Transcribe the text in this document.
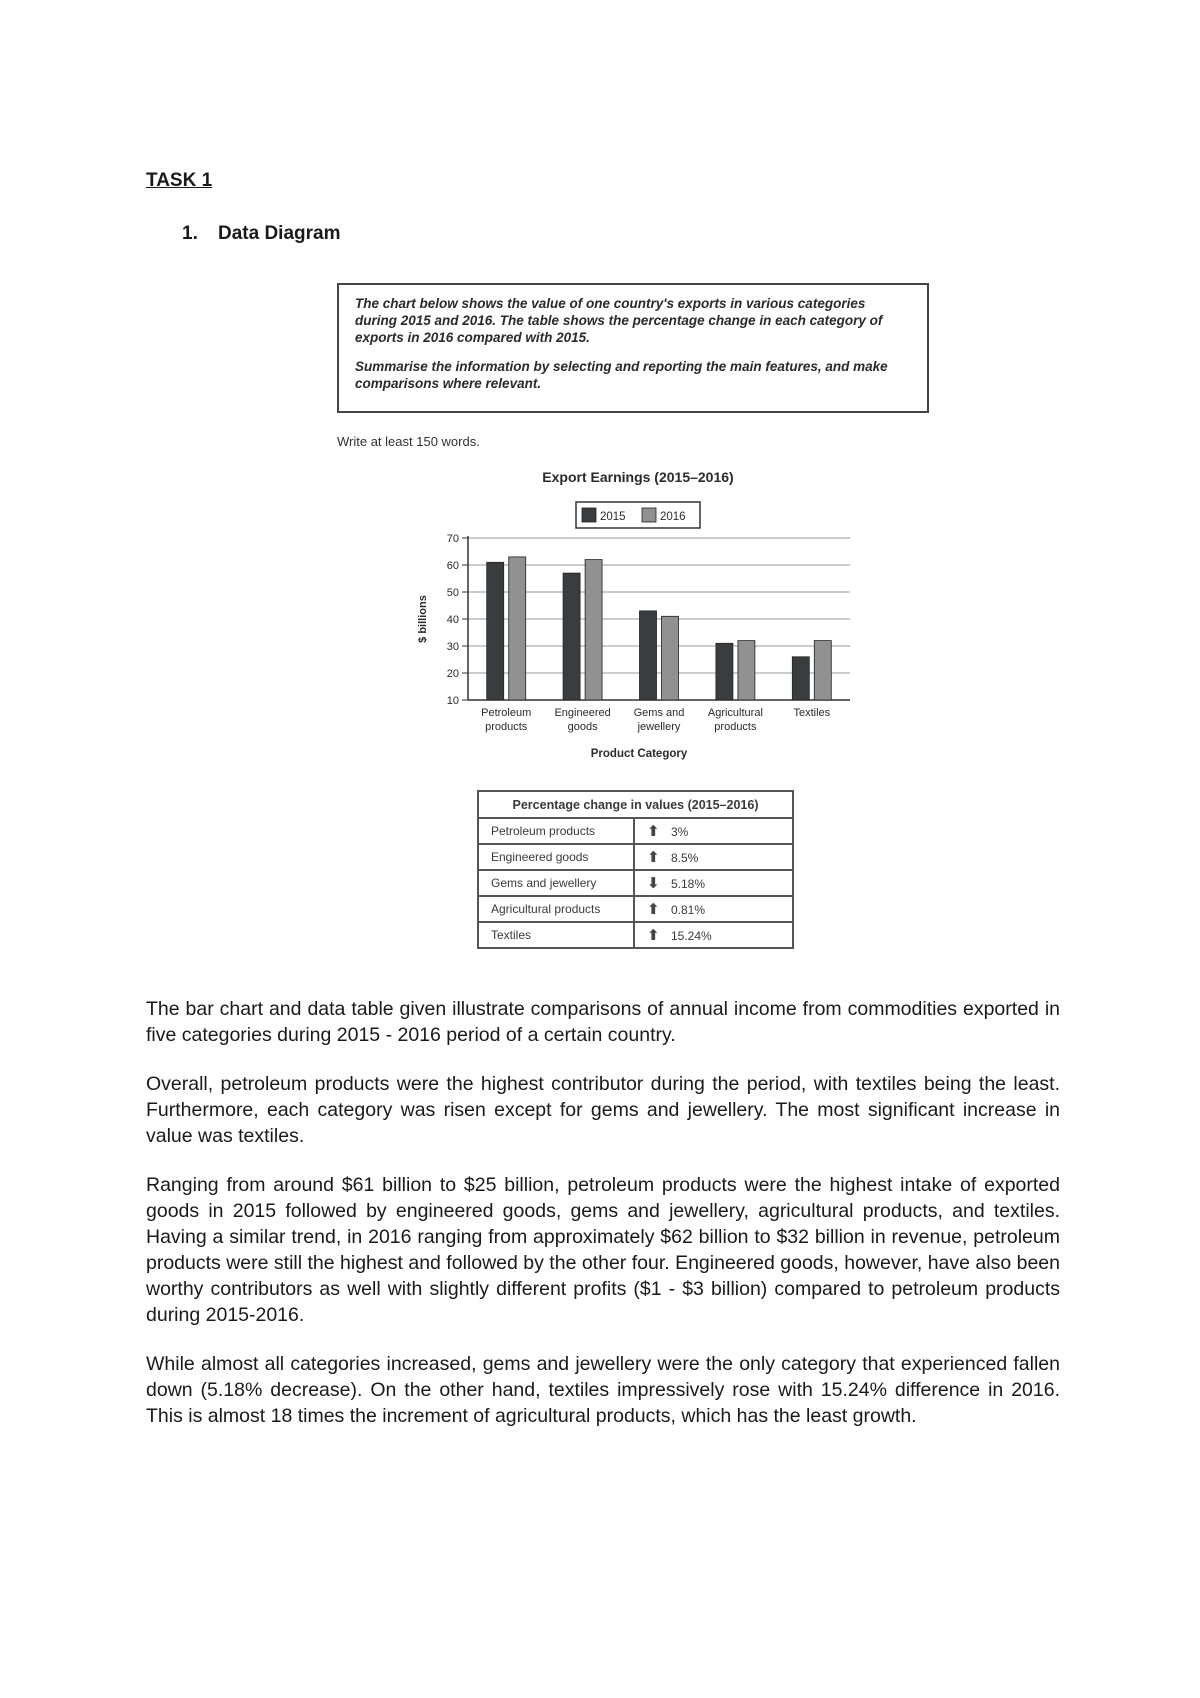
TASK 1
1. Data Diagram

The chart below shows the value of one country's exports in various categories during 2015 and 2016. The table shows the percentage change in each category of exports in 2016 compared with 2015.

Summarise the information by selecting and reporting the main features, and make comparisons where relevant.

Write at least 150 words.
Export Earnings (2015–2016)
2015	2016
10
20
30
40
50
60
70
$ billions
Petroleum
products
Engineered
goods
Gems and
jewellery
Agricultural
products
Textiles
Product Category
Percentage change in values (2015–2016)	
Petroleum products	⬆ 3%
Engineered goods	⬆ 8.5%
Gems and jewellery	⬇ 5.18%
Agricultural products	⬆ 0.81%
Textiles	⬆ 15.24%

The bar chart and data table given illustrate comparisons of annual income from commodities exported in five categories during 2015 - 2016 period of a certain country.

Overall, petroleum products were the highest contributor during the period, with textiles being the least. Furthermore, each category was risen except for gems and jewellery. The most significant increase in value was textiles.

Ranging from around $61 billion to $25 billion, petroleum products were the highest intake of exported goods in 2015 followed by engineered goods, gems and jewellery, agricultural products, and textiles. Having a similar trend, in 2016 ranging from approximately $62 billion to $32 billion in revenue, petroleum products were still the highest and followed by the other four. Engineered goods, however, have also been worthy contributors as well with slightly different profits ($1 - $3 billion) compared to petroleum products during 2015-2016.

While almost all categories increased, gems and jewellery were the only category that experienced fallen down (5.18% decrease). On the other hand, textiles impressively rose with 15.24% difference in 2016. This is almost 18 times the increment of agricultural products, which has the least growth.
